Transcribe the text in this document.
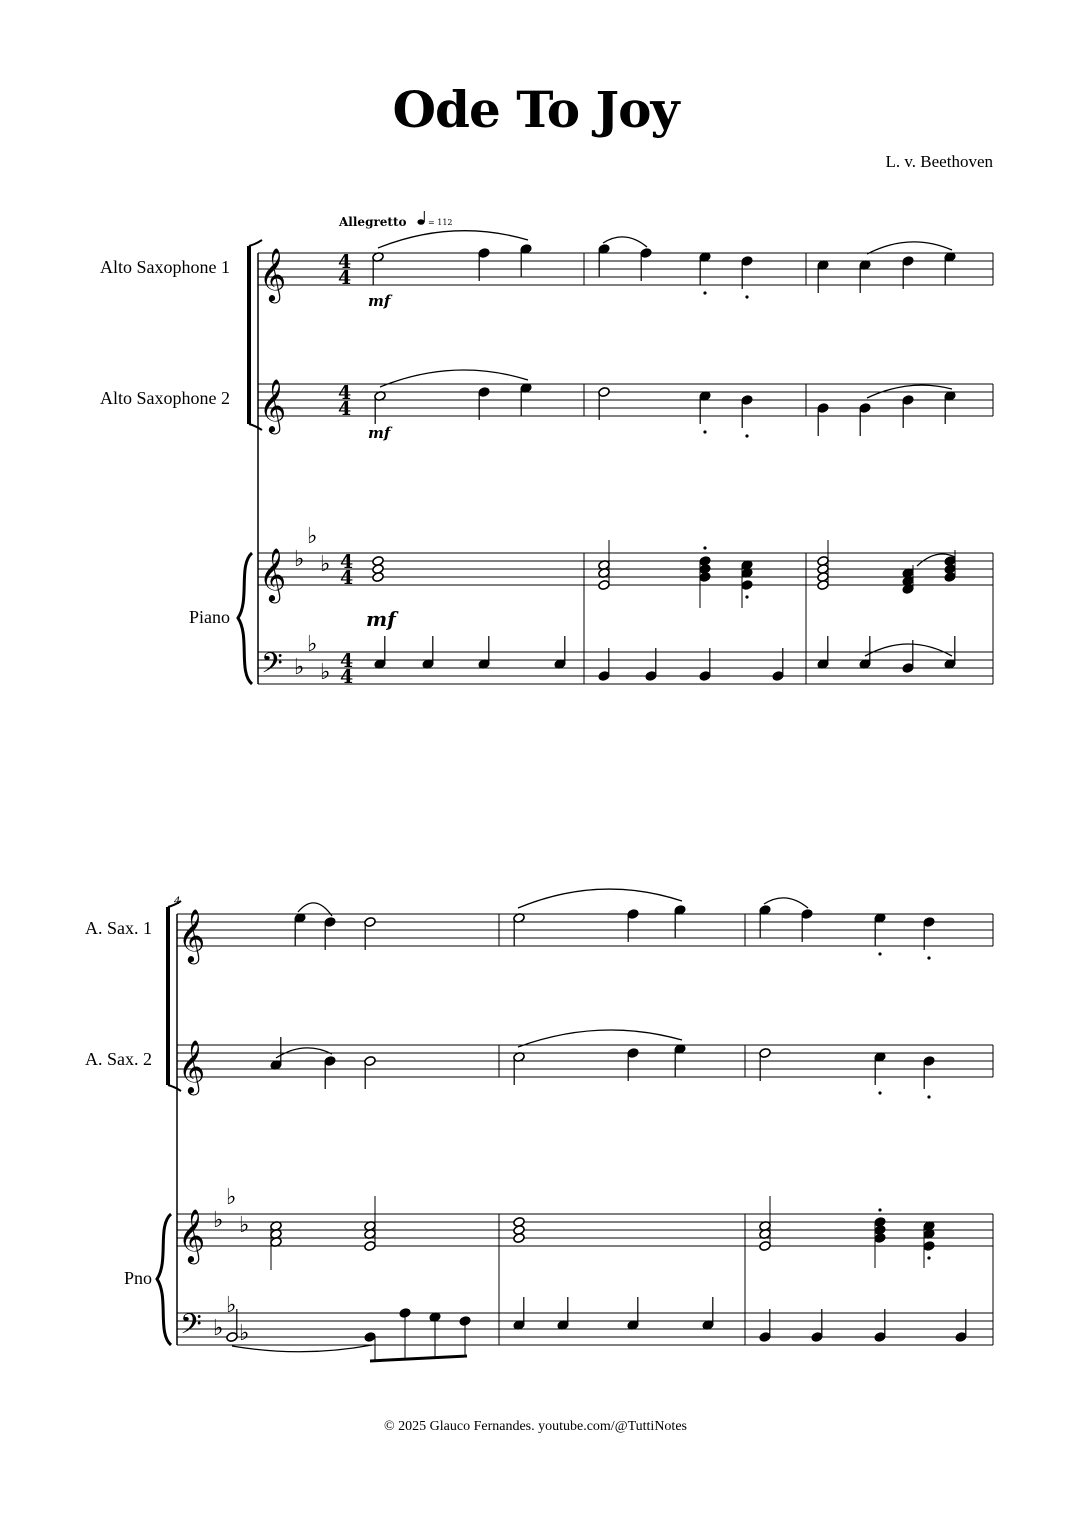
Ode To Joy
L. v. Beethoven
Alto Saxophone 1
Alto Saxophone 2
Piano
A. Sax. 1
A. Sax. 2
Pno
𝄞
𝄞
𝄞
𝄢
𝄞
𝄞
𝄞
𝄢
♭
♭
♭
♭
♭
♭
♭
♭
♭
♭
♭
♭
4
4
4
4
4
4
4
4
Allegretto	= 112
mf
mf
mf
4
© 2025 Glauco Fernandes. youtube.com/@TuttiNotes
